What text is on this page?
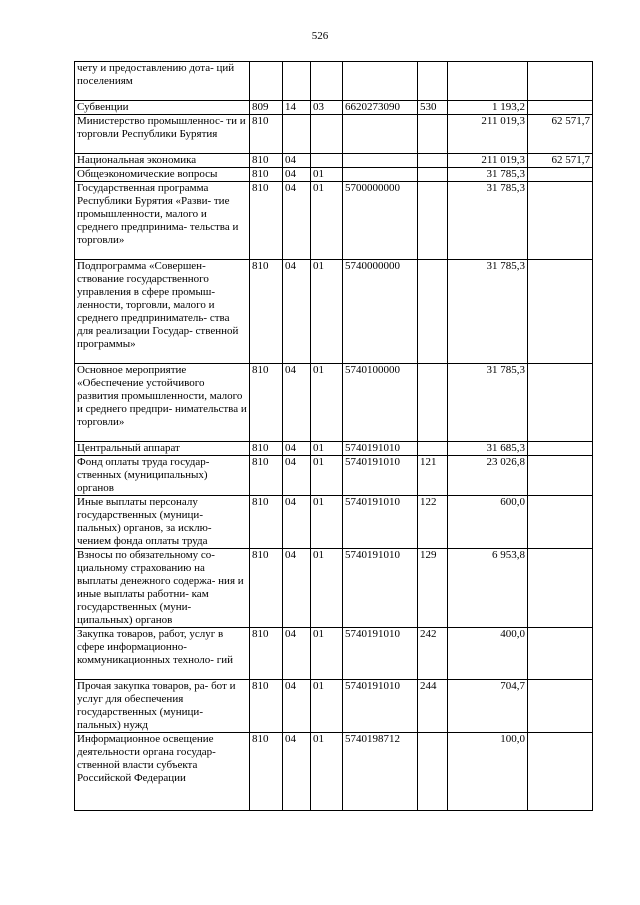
526
чету и предоставлению дота- ций поселениям							
Субвенции	809	14	03	6620273090	530	1 193,2	
Министерство промышленнос- ти и торговли Республики Бурятия	810					211 019,3	62 571,7
Национальная экономика	810	04				211 019,3	62 571,7
Общеэкономические вопросы	810	04	01			31 785,3	
Государственная программа Республики Бурятия «Разви- тие промышленности, малого и среднего предпринима- тельства и торговли»	810	04	01	5700000000		31 785,3	
Подпрограмма «Совершен- ствование государственного управления в сфере промыш- ленности, торговли, малого и среднего предприниматель- ства для реализации Государ- ственной программы»	810	04	01	5740000000		31 785,3	
Основное мероприятие «Обеспечение устойчивого развития промышленности, малого и среднего предпри- нимательства и торговли»	810	04	01	5740100000		31 785,3	
Центральный аппарат	810	04	01	5740191010		31 685,3	
Фонд оплаты труда государ- ственных (муниципальных) органов	810	04	01	5740191010	121	23 026,8	
Иные выплаты персоналу государственных (муници- пальных) органов, за исклю- чением фонда оплаты труда	810	04	01	5740191010	122	600,0	
Взносы по обязательному со- циальному страхованию на выплаты денежного содержа- ния и иные выплаты работни- кам государственных (муни- ципальных) органов	810	04	01	5740191010	129	6 953,8	
Закупка товаров, работ, услуг в сфере информационно- коммуникационных техноло- гий	810	04	01	5740191010	242	400,0	
Прочая закупка товаров, ра- бот и услуг для обеспечения государственных (муници- пальных) нужд	810	04	01	5740191010	244	704,7	
Информационное освещение деятельности органа государ- ственной власти субъекта Российской Федерации	810	04	01	5740198712		100,0	
